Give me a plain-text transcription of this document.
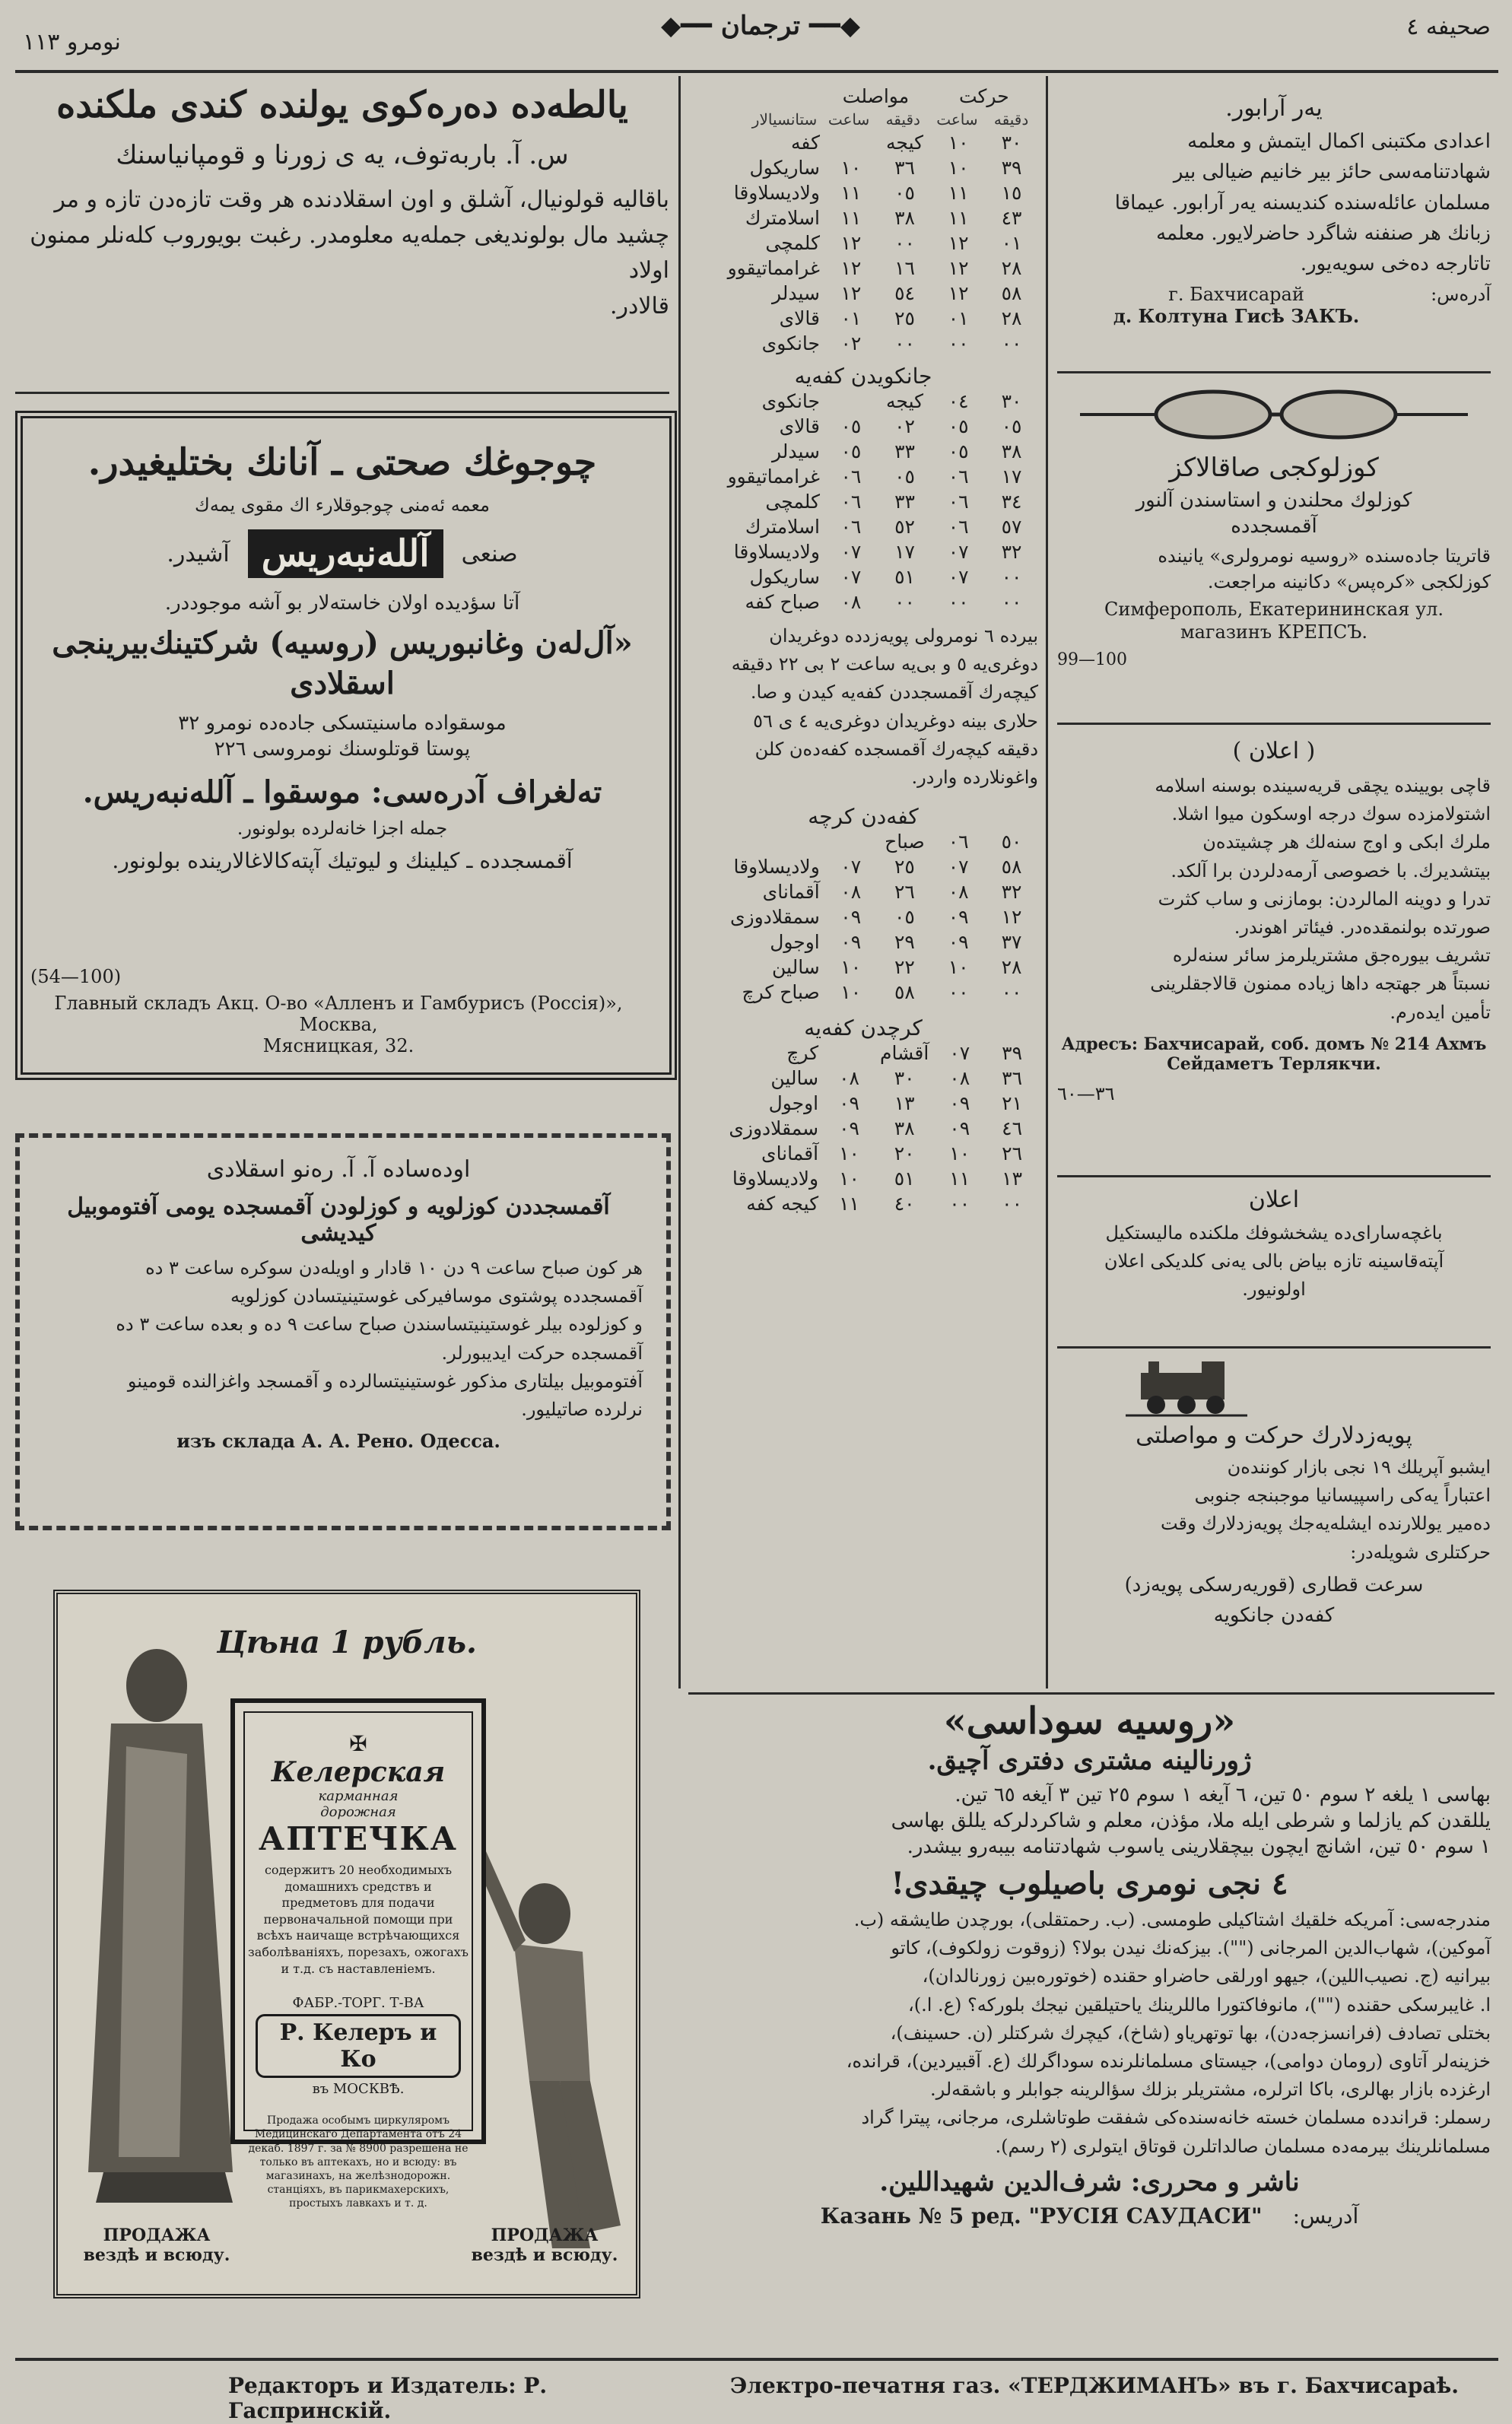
صحیفه ٤
◆━━ ترجمان ━━◆
نومرو ١١٣
یالطه‌ده ده‌ره‌کوی یولنده کندی ملکنده
س. آ. باربه‌توف، یه ی زورنا و قومپانیاسنك
باقالیه قولونیال، آشلق و اون اسقلادنده هر وقت تازه‌دن تازه و مر
چشید مال بولوندیغی جمله‌یه معلومدر. رغبت بویوروب کله‌نلر ممنون اولاد
قالادر.
چوجوغك صحتی ـ آنانك بختلیغیدر.
معمه ئه‌منی چوجوقلارء اك مقوی یمه‌ك
صنعی
آلله‌نبه‌ریس
آشیدر.
آتا سؤدیده اولان خاسته‌لار بو آشه موجوددر.
«آل‌له‌ن وغانبوریس (روسیه) شرکتینك‌بیرینجی
اسقلادی
موسقواده ماسنیتسکی جاده‌ده نومرو ٣٢
پوستا قوتلوسنك نومروسی ٢٢٦
تەلغراف آدره‌سی: موسقوا ـ آلله‌نبه‌ریس.
جمله اجزا خانه‌لرده بولونور.
آقمسجدده ـ کیلینك و لیوتیك آپته‌کالاغالارینده بولونور.
(54—100)
Главный складъ Акц. О-во «Алленъ и Гамбурисъ (Россія)», Москва,
Мясницкая, 32.
اوده‌ساده آ. آ. ره‌نو اسقلادی
آقمسجددن کوزلویه و کوزلودن آقمسجده یومی آفتوموبیل کیدیشی
هر کون صباح ساعت ٩ دن ١٠ قادار و اویله‌دن سوکره ساعت ٣ ده
آقمسجدده پوشتوی موسافیرکی غوستینیتسادن کوزلویه
و کوزلوده بیلر غوستینیتساسندن صباح ساعت ٩ ده و بعده ساعت ٣ ده
آقمسجده حرکت ایدیبورلر.
آفتوموبیل بیلتاری مذکور غوستینیتسالرده و آقمسجد واغزالنده قومینو
نرلرده صاتیلیور.
изъ склада А. А. Рено. Одесса.
Цѣна 1 рубль.
✠
Келерская
карманная
дорожная
АПТЕЧКА
содержитъ 20 необходимыхъ домашнихъ средствъ и предметовъ для подачи первоначальной помощи при всѣхъ наичаще встрѣчающихся заболѣваніяхъ, порезахъ, ожогахъ и т.д. съ наставленіемъ.
ФАБР.-ТОРГ. Т-ВА
Р. Келеръ и Ко
въ МОСКВѢ.
Продажа особымъ циркуляромъ Медицинскаго Департамента отъ 24 декаб. 1897 г. за № 8900 разрешена не только въ аптекахъ, но и всюду: въ магазинахъ, на желѣзнодорожн. станціяхъ, въ парикмахерскихъ, простыхъ лавкахъ и т. д.
ПРОДАЖА
вездѣ и всюду.
ПРОДАЖА
вездѣ и всюду.
حرکت		مواصلت		
دقیقه	ساعت	دقیقه	ساعت	ستانسیالار
٣٠	١٠	کیجه		کفه
٣٩	١٠	٣٦	١٠	ساریکول
١٥	١١	٠٥	١١	ولادیسلاوقا
٤٣	١١	٣٨	١١	اسلامترك
٠١	١٢	٠٠	١٢	کلمچی
٢٨	١٢	١٦	١٢	غرامماتیقوو
٥٨	١٢	٥٤	١٢	سیدلر
٢٨	٠١	٢٥	٠١	قالای
٠٠	٠٠	٠٠	٠٢	جانکوی
جانکویدن کفه‌یه
٣٠	٠٤	کیجه		جانکوی
٠٥	٠٥	٠٢	٠٥	قالای
٣٨	٠٥	٣٣	٠٥	سیدلر
١٧	٠٦	٠٥	٠٦	غرامماتیقوو
٣٤	٠٦	٣٣	٠٦	کلمچی
٥٧	٠٦	٥٢	٠٦	اسلامترك
٣٢	٠٧	١٧	٠٧	ولادیسلاوقا
٠٠	٠٧	٥١	٠٧	ساریکول
٠٠	٠٠	٠٠	٠٨	صباح کفه
بیرده ٦ نومرولی پویه‌زدده دوغریدان
دوغری‌یه ٥ و بی‌یه ساعت ٢ بی ٢٢ دقیقه
کیچه‌رك آقمسجددن کفه‌یه کیدن و صا.
حلاری بینه دوغریدان دوغری‌یه ٤ ی ٥٦
دقیقه کیچه‌رك آقمسجده کفه‌ده‌ن کلن
واغونلارده واردر.
کفه‌دن کرچه
٥٠	٠٦	صباح		
٥٨	٠٧	٢٥	٠٧	ولادیسلاوقا
٣٢	٠٨	٢٦	٠٨	آقمانای
١٢	٠٩	٠٥	٠٩	سمقلادوزی
٣٧	٠٩	٢٩	٠٩	اوجول
٢٨	١٠	٢٢	١٠	سالین
٠٠	٠٠	٥٨	١٠	صباح کرچ
کرچدن کفه‌یه
٣٩	٠٧	آقشام		کرچ
٣٦	٠٨	٣٠	٠٨	سالین
٢١	٠٩	١٣	٠٩	اوجول
٤٦	٠٩	٣٨	٠٩	سمقلادوزی
٢٦	١٠	٢٠	١٠	آقمانای
١٣	١١	٥١	١٠	ولادیسلاوقا
٠٠	٠٠	٤٠	١١	کیجه کفه
یه‌ر آرابور.
اعدادی مکتبنی اکمال ایتمش و معلمه
شهادتنامه‌سی حائز بیر خانیم ضیالی بیر
مسلمان عائله‌سنده کندیسنه یه‌ر آرابور. عیماقا
زبانك هر صنفنه شاگرد حاضرلایور. معلمه
تاتارجه دەخی سویه‌یور.
آدره‌س:
г. Бахчисарай
д. Колтуна Гисѣ ЗАКЪ.
کوزلوکجی صاقالاکز
کوزلوك محلندن و استاسندن آلنور
آقمسجدده
قاتریتا جاده‌سنده «روسیه نومرولری» یانینده
کوزلکجی «کره‌پس» دکانینه مراجعت.
Симферополь, Екатерининская ул.
магазинъ КРЕПСЪ.
99—100
( اعلان )
قاچی بویینده یچقی قریه‌سینده بوسنه اسلامه
اشتولامزده سوك درجه اوسکون میوا اشلا.
ملرك ابکی و اوج سنه‌لك هر چشیتده‌ن
بیتشدیرك. با خصوصی آرمه‌دلردن برا آلكد.
تدرا و دوینه المالردن: بومازنی و ساب کثرت
صورتده بولنمقدەدر. فیئاتر اهوندر.
تشریف بیورەجق مشتریلرمز سائر سنه‌لره
نسبتاً هر جهتجه داها زیاده ممنون قالاجقلرینی
تأمین ایده‌رم.
Адресъ: Бахчисарай, соб. домъ № 214 Ахмъ Сейдаметъ Терлякчи.
٣٦—٦٠
اعلان
باغچه‌سارای‌ده یشخشوفك ملکنده مالیستکیل
آپته‌قاسینه تازه بیاض بالی یه‌نی کلدیکی اعلان
اولونیور.
پویه‌زدلارك حرکت و مواصلتی
ایشبو آپریلك ١٩ نجی بازار کونندەن
اعتباراً یه‌کی راسپیسانیا موجبنجه جنوبی
دەمیر یوللارنده ایشله‌یه‌جك پویه‌زدلارك وقت
حرکتلری شویله‌در:
سرعت قطاری (قوریه‌رسکی پویه‌زد)
کفه‌دن جانکویه
«روسیه سوداسی»
ژورنالینه مشتری دفتری آچیق.
بهاسی ١ یلغه ٢ سوم ٥٠ تین، ٦ آیغه ١ سوم ٢٥ تین ٣ آیغه ٦٥ تین.
یللقدن کم یازلما و شرطی ایله ملا، مؤذن، معلم و شاکردلرکه یللق بهاسی
١ سوم ٥٠ تین، اشانچ ایچون بیچقلارینی یاسوب شهادتنامه بیبه‌رو بیشدر.
٤ نجی نومری باصیلوب چیقدی!
مندرجه‌سی: آمریکه خلقیك اشتاکیلی طومسی. (ب. رحمتقلی)، بورچدن طایشقه (ب.
آموکین)، شهاب‌الدین المرجانی (""). بیزکه‌نك نیدن بولا؟ (زوقوت زولکوف)، کاتو
بیرانیه (ج. نصیب‌اللین)، جیهو اورلقی حاضراو حقنده (خوتوره‌بین زورنالدان)،
ا. غایبرسکی حقنده ("")، مانوفاکتورا ماللرینك یاحتیلقین نیجك بلورکه؟ (ع. ا.)،
بختلی تصادف (فرانسزجه‌دن)، بها توتهریاو (شاخ)، کیچرك شرکتلر (ن. حسینف)،
خزینه‌لر آتاوی (رومان دوامی)، جیستای مسلمانلرنده سوداگرلك (ع. آقبیردین)، قرانده،
ارغزده بازار بهالری، باکا اترلره، مشتریلر بزلك سؤالرینه جوابلر و باشقه‌لر.
رسملر: قراندده مسلمان خسته خانه‌سنده‌کی شفقت طوتاشلری، مرجانی، پیترا گراد
مسلمانلرینك بیرمەده مسلمان صالداتلرن قوتاق ایتولری (٢ رسم).
ناشر و محرری: شرف‌الدین شهیداللین.
آدریس:
Казань № 5 ред. "РУСІЯ САУДАСИ"
Редакторъ и Издатель: Р. Гаспринскій.
Электро-печатня газ. «ТЕРДЖИМАНЪ» въ г. Бахчисараѣ.
